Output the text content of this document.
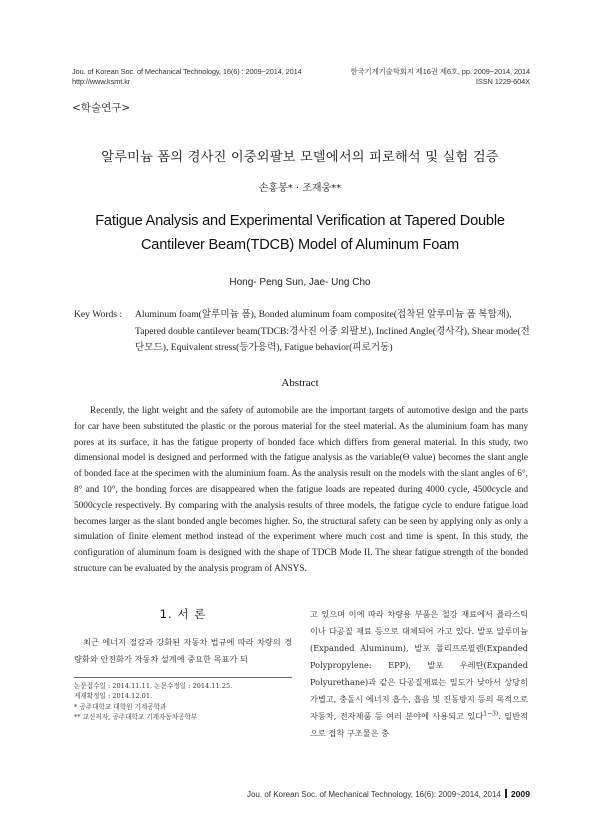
Jou. of Korean Soc. of Mechanical Technology, 16(6) : 2009~2014, 2014
http://www.ksmt.kr
한국기계기술학회지 제16권 제6호, pp. 2009~2014, 2014
ISSN 1229-604X
<학술연구>
알루미늄 폼의 경사진 이중외팔보 모델에서의 피로해석 및 실험 검증
손홍봉* · 조재웅**
Fatigue Analysis and Experimental Verification at Tapered Double
Cantilever Beam(TDCB) Model of Aluminum Foam
Hong- Peng Sun, Jae- Ung Cho
Key Words : Aluminum foam(알루미늄 폼), Bonded aluminum foam composite(접착된 알루미늄 폼 복합재), Tapered double cantilever beam(TDCB:경사진 이중 외팔보), Inclined Angle(경사각), Shear mode(전단모드), Equivalent stress(등가응력), Fatigue behavior(피로거동)
Abstract

Recently, the light weight and the safety of automobile are the important targets of automotive design and the parts for car have been substituted the plastic or the porous material for the steel material. As the aluminium foam has many pores at its surface, it has the fatigue property of bonded face which differs from general material. In this study, two dimensional model is designed and performed with the fatigue analysis as the variable(Θ value) becomes the slant angle of bonded face at the specimen with the aluminium foam. As the analysis result on the models with the slant angles of 6°, 8° and 10°, the bonding forces are disappeared when the fatigue loads are repeated during 4000 cycle, 4500cycle and 5000cycle respectively. By comparing with the analysis results of three models, the fatigue cycle to endure fatigue load becomes larger as the slant bonded angle becomes higher. So, the structural safety can be seen by applying only as only a simulation of finite element method instead of the experiment where much cost and time is spent. In this study, the configuration of aluminum foam is designed with the shape of TDCB Mode II. The shear fatigue strength of the bonded structure can be evaluated by the analysis program of ANSYS.

1. 서 론

최근 에너지 절감과 강화된 자동차 법규에 따라 차량의 경량화와 안전화가 자동차 설계에 중요한 목표가 되

논문접수일 : 2014.11.11. 논문수정일 : 2014.11.25.
게재확정일 : 2014.12.01.
* 공주대학교 대학원 기계공학과
** 교신저자, 공주대학교 기계자동차공학부

고 있으며 이에 따라 차량용 부품은 철강 재료에서 플라스틱이나 다공질 재료 등으로 대체되어 가고 있다. 발포 알루미늄(Expanded Aluminum), 발포 폴리프로필렌(Expanded Polypropylene: EPP), 발포 우레탄(Expanded Polyurethane)과 같은 다공질재료는 밀도가 낮아서 상당히 가볍고, 충돌시 에너지 흡수, 흡음 및 진동방지 등의 목적으로 자동차, 전자제품 등 여러 분야에 사용되고 있다$^{1\sim 3)}$. 일반적으로 접착 구조물은 충

Jou. of Korean Soc. of Mechanical Technology, 16(6): 2009~2014, 2014 2009
